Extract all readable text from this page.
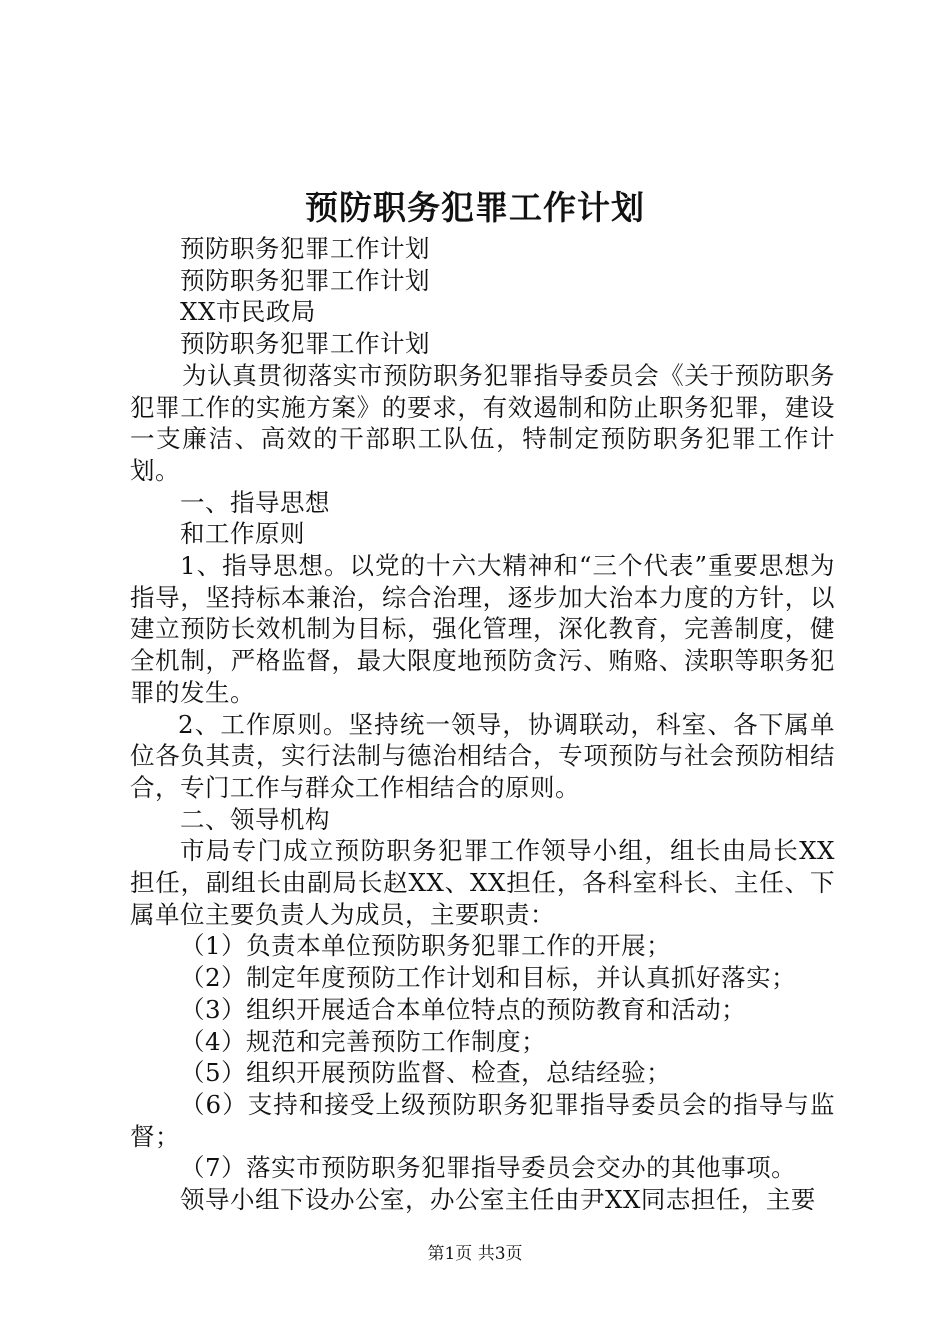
预防职务犯罪工作计划

预防职务犯罪工作计划

预防职务犯罪工作计划

XX市民政局

预防职务犯罪工作计划

为认真贯彻落实市预防职务犯罪指导委员会《关于预防职务犯罪工作的实施方案》的要求，有效遏制和防止职务犯罪，建设一支廉洁、高效的干部职工队伍，特制定预防职务犯罪工作计划。

一、指导思想

和工作原则

1、指导思想。以党的十六大精神和“三个代表”重要思想为指导，坚持标本兼治，综合治理，逐步加大治本力度的方针，以建立预防长效机制为目标，强化管理，深化教育，完善制度，健全机制，严格监督，最大限度地预防贪污、贿赂、渎职等职务犯罪的发生。

2、工作原则。坚持统一领导，协调联动，科室、各下属单位各负其责，实行法制与德治相结合，专项预防与社会预防相结合，专门工作与群众工作相结合的原则。

二、领导机构

市局专门成立预防职务犯罪工作领导小组，组长由局长XX担任，副组长由副局长赵XX、XX担任，各科室科长、主任、下属单位主要负责人为成员，主要职责：

（1）负责本单位预防职务犯罪工作的开展；

（2）制定年度预防工作计划和目标，并认真抓好落实；

（3）组织开展适合本单位特点的预防教育和活动；

（4）规范和完善预防工作制度；

（5）组织开展预防监督、检查，总结经验；

（6）支持和接受上级预防职务犯罪指导委员会的指导与监督；

（7）落实市预防职务犯罪指导委员会交办的其他事项。

领导小组下设办公室，办公室主任由尹XX同志担任，主要

第1页 共3页
